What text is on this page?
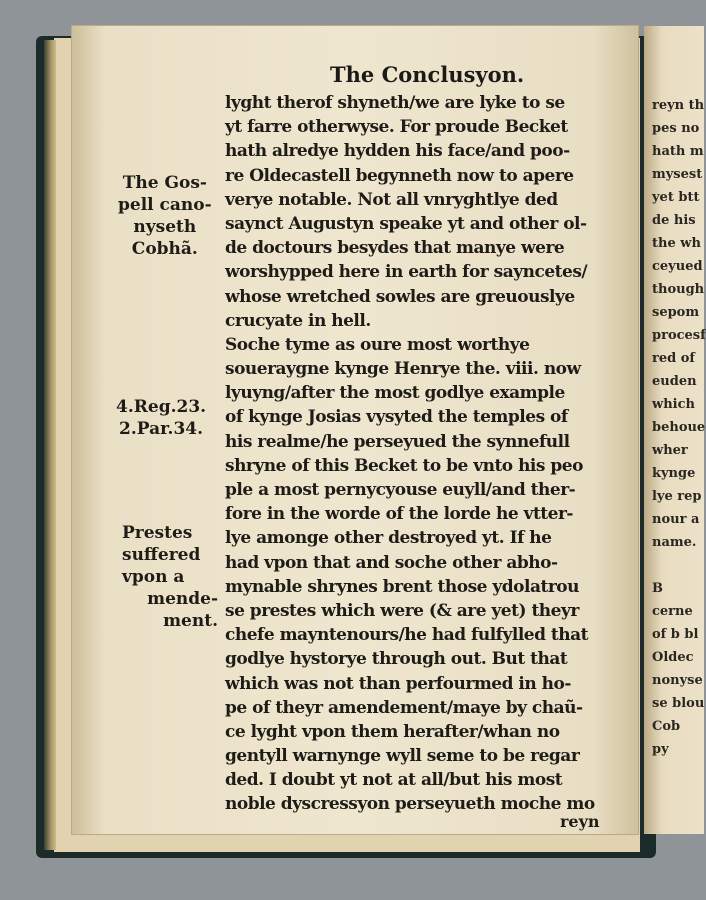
The Conclusyon.
lyght therof shyneth/we are lyke to se
yt farre otherwyse. For proude Becket
hath alredye hydden his face/and poo-
re Oldecastell begynneth now to apere
verye notable. Not all vnryghtlye ded
saynct Augustyn speake yt and other ol-
de doctours besydes that manye were
worshypped here in earth for sayncetes/
whose wretched sowles are greuouslye
crucyate in hell.
Soche tyme as oure most worthye
soueraygne kynge Henrye the. viii. now
lyuyng/after the most godlye example
of kynge Josias vysyted the temples of
his realme/he perseyued the synnefull
shryne of this Becket to be vnto his peo
ple a most pernycyouse euyll/and ther-
fore in the worde of the lorde he vtter-
lye amonge other destroyed yt. If he
had vpon that and soche other abho-
mynable shrynes brent those ydolatrou
se prestes which were (& are yet) theyr
chefe mayntenours/he had fulfylled that
godlye hystorye through out. But that
which was not than perfourmed in ho-
pe of theyr amendement/maye by chaũ-
ce lyght vpon them herafter/whan no
gentyll warnynge wyll seme to be regar
ded. I doubt yt not at all/but his most
noble dyscressyon perseyueth moche mo
The Gos-
pell cano-
nyseth
Cobhã.
4.Reg.23.
2.Par.34.
Prestes
suffered
vpon a
mende-
ment.
reyn
reyn th
pes no
hath m
mysest
yet btt
de his
the wh
ceyued
though
sepom
procesf
red of
euden
which
behoue
wher
kynge
lye rep
nour a
name.
B
cerne
of b bl
Oldec
nonyse
se blou
Cob
py
